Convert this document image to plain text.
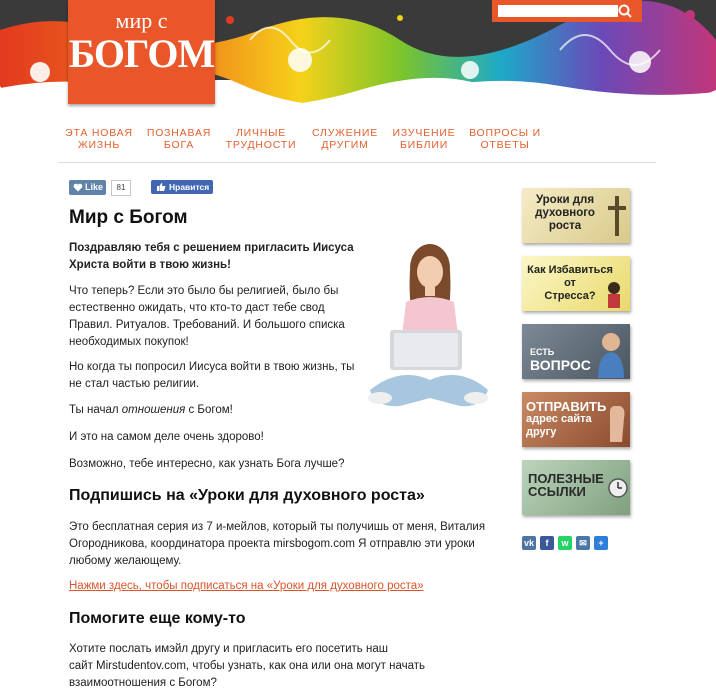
мир с
БОГОМ
ЭТА НОВАЯ
ЖИЗНЬ
ПОЗНАВАЯ
БОГА
ЛИЧНЫЕ
ТРУДНОСТИ
СЛУЖЕНИЕ
ДРУГИМ
ИЗУЧЕНИЕ
БИБЛИИ
ВОПРОСЫ И
ОТВЕТЫ
Like	81	Нравится
Мир с Богом
Поздравляю тебя с решением пригласить Иисуса
Христа войти в твою жизнь!
Что теперь? Если это было бы религией, было бы
естественно ожидать, что кто-то даст тебе свод
Правил. Ритуалов. Требований. И большого списка
необходимых покупок!
Но когда ты попросил Иисуса войти в твою жизнь, ты
не стал частью религии.
Ты начал отношения с Богом!
И это на самом деле очень здорово!
Возможно, тебе интересно, как узнать Бога лучше?
Подпишись на «Уроки для духовного роста»
Это бесплатная серия из 7 и-мейлов, который ты получишь от меня, Виталия
Огородникова, координатора проекта mirsbogom.com Я отправлю эти уроки
любому желающему.
Нажми здесь, чтобы подписаться на «Уроки для духовного роста»
Помогите еще кому-то
Хотите послать имэйл другу и пригласить его посетить наш
сайт Mirstudentov.com, чтобы узнать, как она или она могут начать
взаимоотношения с Богом?
Уроки для
духовного
роста
Как Избавиться
от
Стресса?
ЕСТЬ
ВОПРОС
ОТПРАВИТЬ
адрес сайта
другу
ПОЛЕЗНЫЕ
ССЫЛКИ
vk	f	w	✉	+
